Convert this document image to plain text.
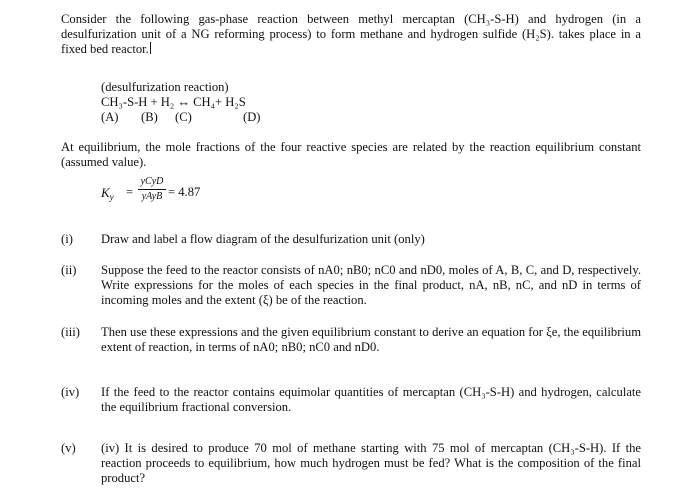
Consider the following gas-phase reaction between methyl mercaptan (CH₃-S-H) and hydrogen (in a desulfurization unit of a NG reforming process) to form methane and hydrogen sulfide (H₂S). takes place in a fixed bed reactor.
(desulfurization reaction)
CH₃-S-H + H₂ ↔ CH₄+ H₂S
(A) (B) (C)	(D)
At equilibrium, the mole fractions of the four reactive species are related by the reaction equilibrium constant (assumed value).
$K_y$ =
yCyD
yAyB = 4.87
(i)	Draw and label a flow diagram of the desulfurization unit (only)
(ii)	Suppose the feed to the reactor consists of nA0; nB0; nC0 and nD0, moles of A, B, C, and D, respectively. Write expressions for the moles of each species in the final product, nA, nB, nC, and nD in terms of incoming moles and the extent (ξ) be of the reaction.
(iii)	Then use these expressions and the given equilibrium constant to derive an equation for ξe, the equilibrium extent of reaction, in terms of nA0; nB0; nC0 and nD0.
(iv)	If the feed to the reactor contains equimolar quantities of mercaptan (CH₃-S-H) and hydrogen, calculate the equilibrium fractional conversion.
(v)	(iv) It is desired to produce 70 mol of methane starting with 75 mol of mercaptan (CH₃-S-H). If the reaction proceeds to equilibrium, how much hydrogen must be fed? What is the composition of the final product?
